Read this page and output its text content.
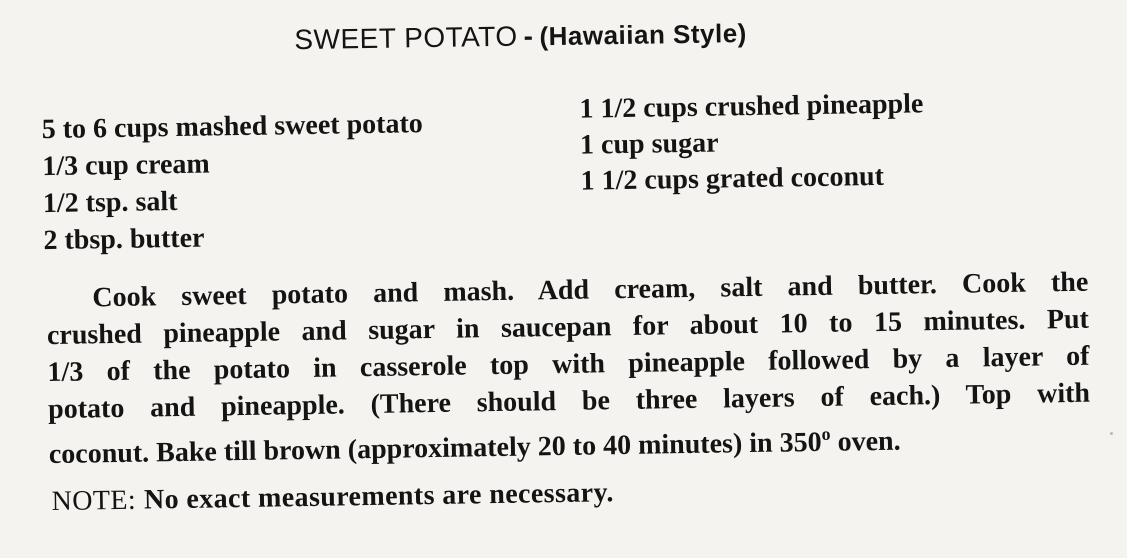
SWEET POTATO - (Hawaiian Style)
5 to 6 cups mashed sweet potato
1/3 cup cream
1/2 tsp. salt
2 tbsp. butter
1 1/2 cups crushed pineapple
1 cup sugar
1 1/2 cups grated coconut
Cook sweet potato and mash. Add cream, salt and butter. Cook the
crushed pineapple and sugar in saucepan for about 10 to 15 minutes. Put
1/3 of the potato in casserole top with pineapple followed by a layer of
potato and pineapple. (There should be three layers of each.) Top with
coconut. Bake till brown (approximately 20 to 40 minutes) in 350$^o$ oven.
NOTE: No exact measurements are necessary.
